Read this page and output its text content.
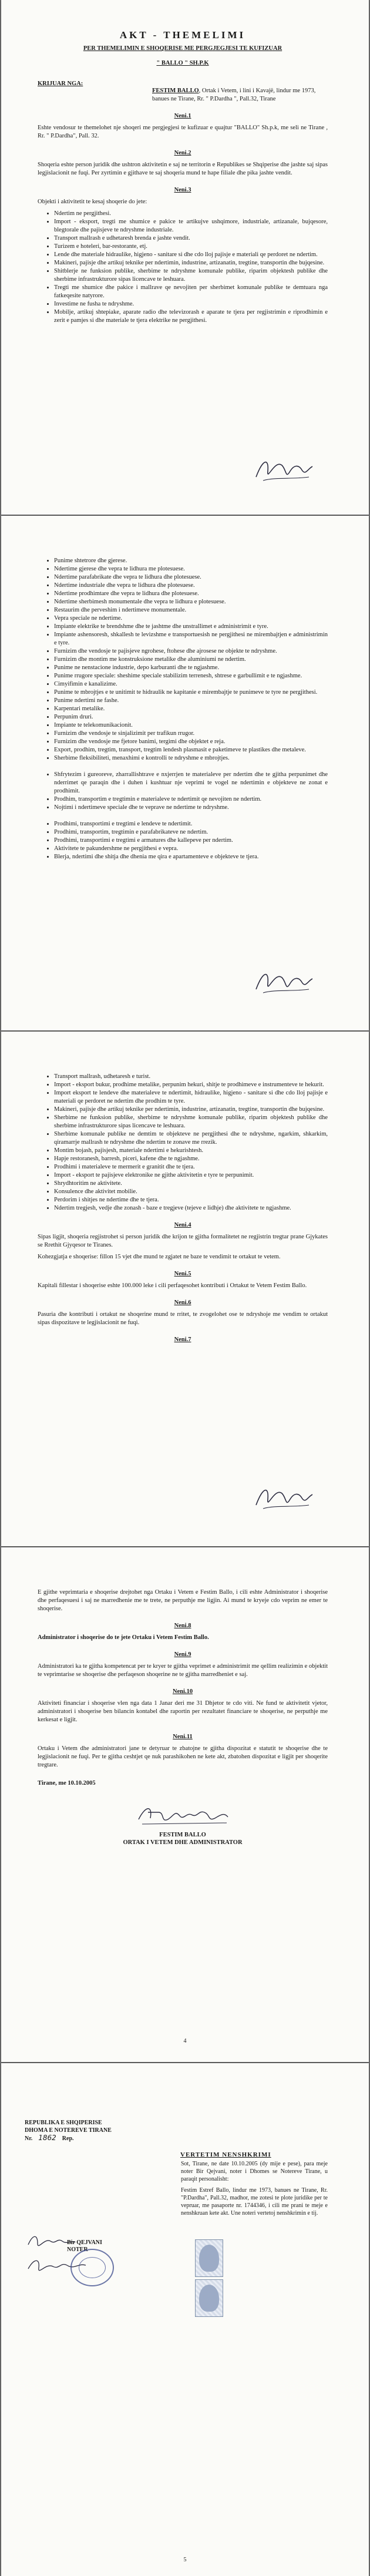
AKT - THEMELIMI

PER THEMELIMIN E SHOQERISE ME PERGJEGJESI TE KUFIZUAR

" BALLO " SH.P.K

KRIJUAR NGA:

FESTIM BALLO, Ortak i Vetem, i lini i Kavajë, lindur me 1973,
banues ne Tirane, Rr. " P.Dardha ", Pall.32, Tirane

Neni.1

Eshte vendosur te themelohet nje shoqeri me pergjegjesi te kufizuar e quajtur "BALLO" Sh.p.k, me seli ne Tirane , Rr. " P.Dardha", Pall. 32.

Neni.2

Shoqeria eshte person juridik dhe ushtron aktivitetin e saj ne territorin e Republikes se Shqiperise dhe jashte saj sipas legjislacionit ne fuqi. Per zyrtimin e gjithave te saj shoqeria mund te hape filiale dhe pika jashte vendit.

Neni.3

Objekti i aktivitetit te kesaj shoqerie do jete:

• Ndertim ne pergjithesi.
• Import - eksport, tregti me shumice e pakice te artikujve ushqimore, industriale, artizanale, bujqesore, blegtorale dhe pajisjeve te ndryshme industriale.
• Transport mallrash e udhetaresh brenda e jashte vendit.
• Turizem e hoteleri, bar-restorante, etj.
• Lende dhe materiale hidraulike, higjeno - sanitare si dhe cdo lloj pajisje e materiali qe perdoret ne ndertim.
• Makineri, pajisje dhe artikuj teknike per ndertimin, industrine, artizanatin, tregtine, transportin dhe bujqesine.
• Shitblerje ne funksion publike, sherbime te ndryshme komunale publike, riparim objektesh publike dhe sherbime infrastrukturore sipas licencave te leshuara.
• Tregti me shumice dhe pakice i mallrave qe nevojiten per sherbimet komunale publike te demtuara nga fatkeqesite natyrore.
• Investime ne fusha te ndryshme.
• Mobilje, artikuj shtepiake, aparate radio dhe televizorash e aparate te tjera per regjistrimin e riprodhimin e zerit e pamjes si dhe materiale te tjera elektrike ne pergjithesi.
• Punime shtetrore dhe gjerese.
• Ndertime gjerese dhe vepra te lidhura me plotesuese.
• Ndertime parafabrikate dhe vepra te lidhura dhe plotesuese.
• Ndertime industriale dhe vepra te lidhura dhe plotesuese.
• Ndertime prodhimtare dhe vepra te lidhura dhe plotesuese.
• Ndertime sherbimesh monumentale dhe vepra te lidhura e plotesuese.
• Restaurim dhe perveshim i ndertimeve monumentale.
• Vepra speciale ne ndertime.
• Impiante elektrike te brendshme dhe te jashtme dhe unstrallimet e administrimit e tyre.
• Impiante ashensoresh, shkallesh te levizshme e transportuesish ne pergjithesi ne mirembajtjen e administrimin e tyre.
• Furnizim dhe vendosje te pajisjeve ngrohese, ftohese dhe ajrosese ne objekte te ndryshme.
• Furnizim dhe montim me konstruksione metalike dhe aluminiumi ne ndertim.
• Punime ne nenstacione industrie, depo karburanti dhe te ngjashme.
• Punime rrugore speciale: sheshime speciale stabilizim terrenesh, shtrese e garbullimit e te ngjashme.
• Cimyifimin e kanalizime.
• Punime te mbrojtjes e te unitimit te hidraulik ne kapitanie e mirembajtje te punimeve te tyre ne pergjithesi.
• Punime ndertimi ne fashe.
• Karpentari metalike.
• Perpunim druri.
• Impiante te telekomunikacionit.
• Furnizim dhe vendosje te sinjalizimit per trafikun rrugor.
• Furnizim dhe vendosje me fjetore banimi, tergimi dhe objektet e reja.
• Export, prodhim, tregtim, transport, tregtim lendesh plasmasit e paketimeve te plastikes dhe metaleve.
• Sherbime fleksibiliteti, menaxhimi e kontrolli te ndryshme e mbrojtjes.
• Shfrytezim i gureoreve, zharrallishtrave e nxjerrjen te materialeve per ndertim dhe te gjitha perpunimet dhe nderrimet qe paraqin dhe i duhen i kushtuar nje veprimi te vogel ne ndertimin e objekteve ne zonat e prodhimit.
• Prodhim, transportim e tregtimin e materialeve te ndertimit qe nevojiten ne ndertim.
• Nojtimi i ndertimeve speciale dhe te veprave ne ndertime te ndryshme.
• Prodhimi, transportimi e tregtimi e lendeve te ndertimit.
• Prodhimi, transportim, tregtimin e parafabrikateve ne ndertim.
• Prodhimi, transportimi e tregtimi e armatures dhe kallepeve per ndertim.
• Aktivitete te pakundershme ne pergjithesi e vepra.
• Blerja, ndertimi dhe shitja dhe dhenia me qira e apartamenteve e objekteve te tjera.
• Transport mallrash, udhetaresh e turist.
• Import - eksport bukur, prodhime metalike, perpunim hekuri, shitje te prodhimeve e instrumenteve te hekurit.
• Import eksport te lendeve dhe materialeve te ndertimit, hidraulike, higjeno - sanitare si dhe cdo lloj pajisje e materiali qe perdoret ne ndertim dhe prodhim te tyre.
• Makineri, pajisje dhe artikuj teknike per ndertimin, industrine, artizanatin, tregtine, transportin dhe bujqesine.
• Sherbime ne funksion publike, sherbime te ndryshme komunale publike, riparim objektesh publike dhe sherbime infrastrukturore sipas licencave te leshuara.
• Sherbime komunale publike ne demtim te objekteve ne pergjithesi dhe te ndryshme, ngarkim, shkarkim, qiramarrje mallrash te ndryshme dhe ndertim te zonave me rrezik.
• Montim bojash, pajisjesh, materiale ndertimi e hekurishtesh.
• Hapje restoranesh, barresh, piceri, kafene dhe te ngjashme.
• Prodhimi i materialeve te mermerit e granitit dhe te tjera.
• Import - eksport te pajisjeve elektronike ne gjithe aktivitetin e tyre te perpunimit.
• Shrydhtoritim ne aktivitete.
• Konsulence dhe aktivitet mobilie.
• Perdorim i shitjes ne ndertime dhe te tjera.
• Ndertim tregjesh, vedje dhe zonash - baze e tregjeve (tejeve e lidhje) dhe aktivitete te ngjashme.

Neni.4

Sipas ligjit, shoqeria regjistrohet si person juridik dhe krijon te gjitha formalitetet ne regjistrin tregtar prane Gjykates se Rrethit Gjyqesor te Tiranes.

Kohezgjatja e shoqerise: fillon 15 vjet dhe mund te zgjatet ne baze te vendimit te ortakut te vetem.

Neni.5

Kapitali fillestar i shoqerise eshte 100.000 leke i cili perfaqesohet kontributi i Ortakut te Vetem Festim Ballo.

Neni.6

Pasuria dhe kontributi i ortakut ne shoqerine mund te rritet, te zvogelohet ose te ndryshoje me vendim te ortakut sipas dispozitave te legjislacionit ne fuqi.

Neni.7

E gjithe veprimtaria e shoqerise drejtohet nga Ortaku i Vetem e Festim Ballo, i cili eshte Administrator i shoqerise dhe perfaqesuesi i saj ne marredhenie me te trete, ne perputhje me ligjin. Ai mund te kryeje cdo veprim ne emer te shoqerise.

Neni.8

Administrator i shoqerise do te jete Ortaku i Vetem Festim Ballo.

Neni.9

Administratori ka te gjitha kompetencat per te kryer te gjitha veprimet e administrimit me qellim realizimin e objektit te veprimtarise se shoqerise dhe perfaqeson shoqerine ne te gjitha marredheniet e saj.

Neni.10

Aktiviteti financiar i shoqerise vlen nga data 1 Janar deri me 31 Dhjetor te cdo viti. Ne fund te aktivitetit vjetor, administratori i shoqerise ben bilancin kontabel dhe raportin per rezultatet financiare te shoqerise, ne perputhje me kerkesat e ligjit.

Neni.11

Ortaku i Vetem dhe administratori jane te detyruar te zbatojne te gjitha dispozitat e statutit te shoqerise dhe te legjislacionit ne fuqi. Per te gjitha ceshtjet qe nuk parashikohen ne kete akt, zbatohen dispozitat e ligjit per shoqerite tregtare.

Tirane, me 10.10.2005

FESTIM BALLO

ORTAK I VETEM DHE ADMINISTRATOR

4
REPUBLIKA E SHQIPERISE
DHOMA E NOTEREVE TIRANE
Nr. 1862 Rep.
VERTETIM NENSHKRIMI

Sot, Tirane, ne date 10.10.2005 (dy mije e pese), para meje noter Bir Qejvani, noter i Dhomes se Notereve Tirane, u paraqit personalisht:

Festim Estref Ballo, lindur me 1973, banues ne Tirane, Rr. "P.Dardha", Pall.32, madhor, me zotesi te plote juridike per te vepruar, me pasaporte nr. 1744346, i cili me prani te meje e nenshkruan kete akt. Une noteri vertetoj nenshkrimin e tij.

Bir QEJVANI
NOTER
5
